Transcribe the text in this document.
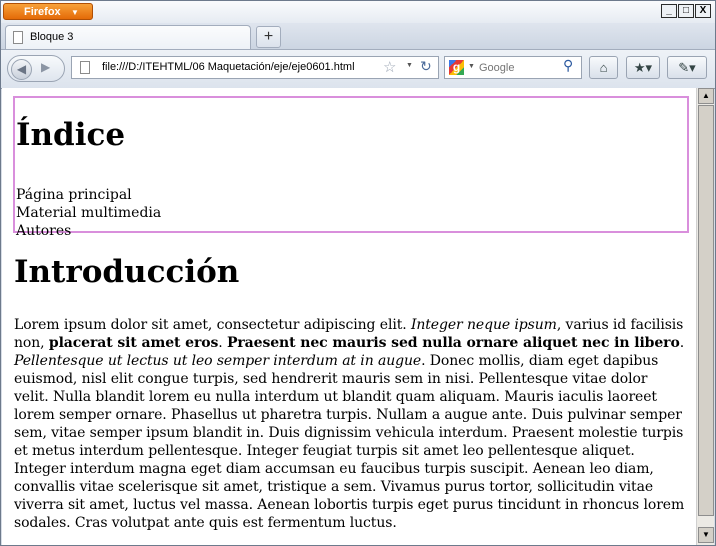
Firefox ▼	_	□	X
Bloque 3	+
◀	▶	file:///D:/ITEHTML/06 Maquetación/eje/eje0601.html ☆ ▼ ↻	g	▼
Google	⚲	⌂	★▾	✎▾
Índice
Página principal
Material multimedia
Autores
Introducción

Lorem ipsum dolor sit amet, consectetur adipiscing elit. Integer neque ipsum, varius id facilisis non, placerat sit amet eros. Praesent nec mauris sed nulla ornare aliquet nec in libero. Pellentesque ut lectus ut leo semper interdum at in augue. Donec mollis, diam eget dapibus euismod, nisl elit congue turpis, sed hendrerit mauris sem in nisi. Pellentesque vitae dolor velit. Nulla blandit lorem eu nulla interdum ut blandit quam aliquam. Mauris iaculis laoreet lorem semper ornare. Phasellus ut pharetra turpis. Nullam a augue ante. Duis pulvinar semper sem, vitae semper ipsum blandit in. Duis dignissim vehicula interdum. Praesent molestie turpis et metus interdum pellentesque. Integer feugiat turpis sit amet leo pellentesque aliquet. Integer interdum magna eget diam accumsan eu faucibus turpis suscipit. Aenean leo diam, convallis vitae scelerisque sit amet, tristique a sem. Vivamus purus tortor, sollicitudin vitae viverra sit amet, luctus vel massa. Aenean lobortis turpis eget purus tincidunt in rhoncus lorem sodales. Cras volutpat ante quis est fermentum luctus.

▲
▼
